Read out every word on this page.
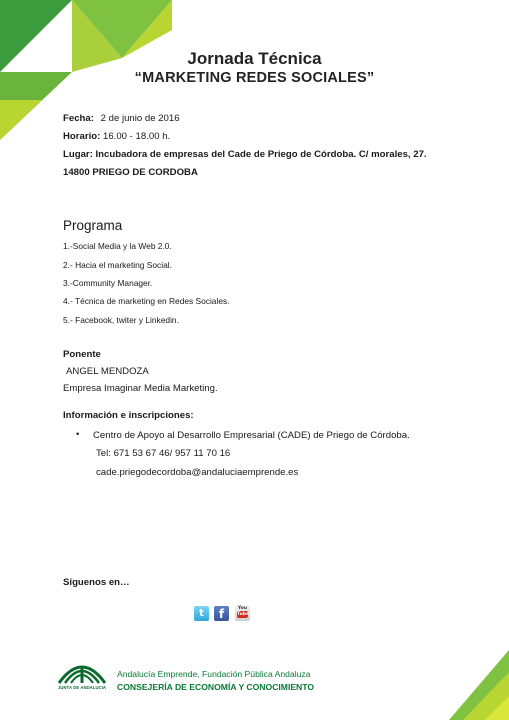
Jornada Técnica
“MARKETING REDES SOCIALES”
Fecha: 2 de junio de 2016
Horario: 16.00 - 18.00 h.
Lugar: Incubadora de empresas del Cade de Priego de Córdoba. C/ morales, 27.
14800 PRIEGO DE CORDOBA
Programa
1.-Social Media y la Web 2.0.
2.- Hacia el marketing Social.
3.-Community Manager.
4.- Técnica de marketing en Redes Sociales.
5.- Facebook, twiter y Linkedin.
Ponente
ANGEL MENDOZA
Empresa Imaginar Media Marketing.
Información e inscripciones:
• Centro de Apoyo al Desarrollo Empresarial (CADE) de Priego de Córdoba.
Tel: 671 53 67 46/ 957 11 70 16
cade.priegodecordoba@andaluciaemprende.es
Síguenos en…
t	f	You
Tube
JUNTA DE ANDALUCIA
Andalucía Emprende, Fundación Pública Andaluza
CONSEJERÍA DE ECONOMÍA Y CONOCIMIENTO
